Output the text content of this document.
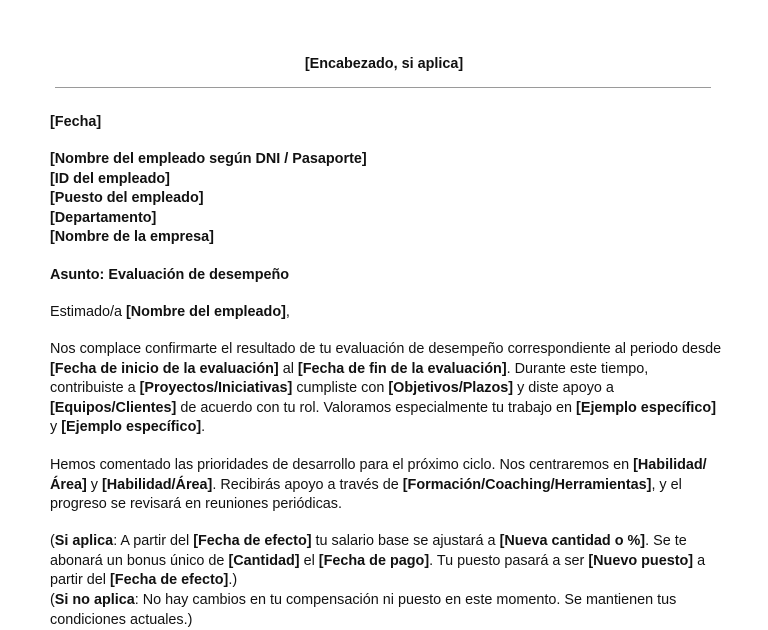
[Encabezado, si aplica]
[Fecha]
[Nombre del empleado según DNI / Pasaporte]
[ID del empleado]
[Puesto del empleado]
[Departamento]
[Nombre de la empresa]
Asunto: Evaluación de desempeño

Estimado/a [Nombre del empleado],

Nos complace confirmarte el resultado de tu evaluación de desempeño correspondiente al periodo desde [Fecha de inicio de la evaluación] al [Fecha de fin de la evaluación]. Durante este tiempo, contribuiste a [Proyectos/Iniciativas] cumpliste con [Objetivos/Plazos] y diste apoyo a [Equipos/Clientes] de acuerdo con tu rol. Valoramos especialmente tu trabajo en [Ejemplo específico] y [Ejemplo específico].

Hemos comentado las prioridades de desarrollo para el próximo ciclo. Nos centraremos en [Habilidad/Área] y [Habilidad/Área]. Recibirás apoyo a través de [Formación/Coaching/Herramientas], y el progreso se revisará en reuniones periódicas.

(Si aplica: A partir del [Fecha de efecto] tu salario base se ajustará a [Nueva cantidad o %]. Se te abonará un bonus único de [Cantidad] el [Fecha de pago]. Tu puesto pasará a ser [Nuevo puesto] a partir del [Fecha de efecto].)

(Si no aplica: No hay cambios en tu compensación ni puesto en este momento. Se mantienen tus condiciones actuales.)
